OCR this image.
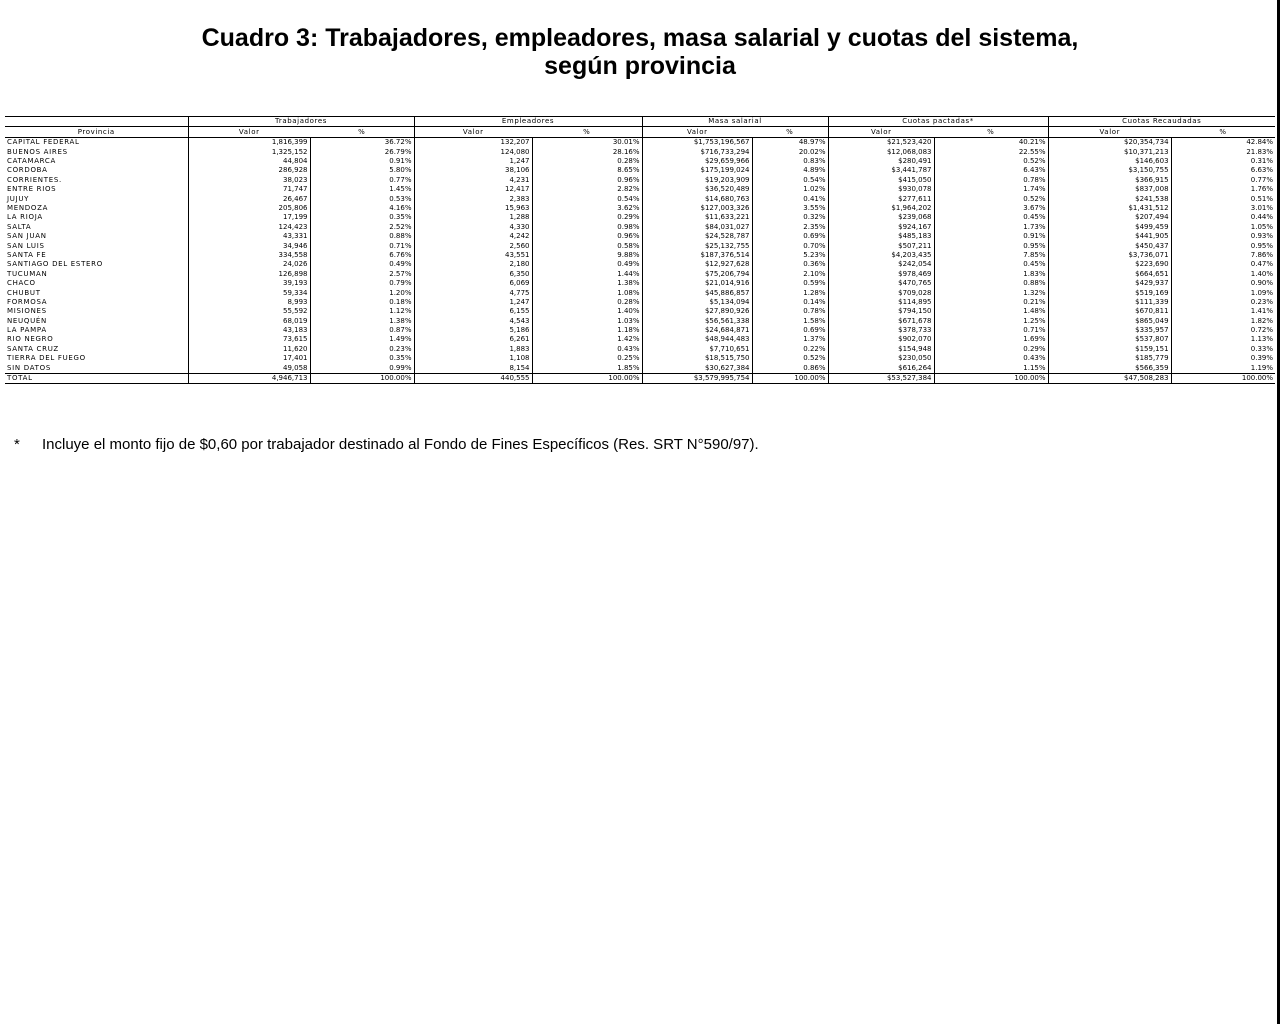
Cuadro 3: Trabajadores, empleadores, masa salarial y cuotas del sistema,
según provincia
	Trabajadores		Empleadores		Masa salarial		Cuotas pactadas*		Cuotas Recaudadas	
Provincia	Valor	%	Valor	%	Valor	%	Valor	%	Valor	%
CAPITAL FEDERAL	1,816,399	36.72%	132,207	30.01%	$1,753,196,567	48.97%	$21,523,420	40.21%	$20,354,734	42.84%
BUENOS AIRES	1,325,152	26.79%	124,080	28.16%	$716,733,294	20.02%	$12,068,083	22.55%	$10,371,213	21.83%
CATAMARCA	44,804	0.91%	1,247	0.28%	$29,659,966	0.83%	$280,491	0.52%	$146,603	0.31%
CÓRDOBA	286,928	5.80%	38,106	8.65%	$175,199,024	4.89%	$3,441,787	6.43%	$3,150,755	6.63%
CORRIENTES.	38,023	0.77%	4,231	0.96%	$19,203,909	0.54%	$415,050	0.78%	$366,915	0.77%
ENTRE RIOS	71,747	1.45%	12,417	2.82%	$36,520,489	1.02%	$930,078	1.74%	$837,008	1.76%
JUJUY	26,467	0.53%	2,383	0.54%	$14,680,763	0.41%	$277,611	0.52%	$241,538	0.51%
MENDOZA	205,806	4.16%	15,963	3.62%	$127,003,326	3.55%	$1,964,202	3.67%	$1,431,512	3.01%
LA RIOJA	17,199	0.35%	1,288	0.29%	$11,633,221	0.32%	$239,068	0.45%	$207,494	0.44%
SALTA	124,423	2.52%	4,330	0.98%	$84,031,027	2.35%	$924,167	1.73%	$499,459	1.05%
SAN JUAN	43,331	0.88%	4,242	0.96%	$24,528,787	0.69%	$485,183	0.91%	$441,905	0.93%
SAN LUIS	34,946	0.71%	2,560	0.58%	$25,132,755	0.70%	$507,211	0.95%	$450,437	0.95%
SANTA FE	334,558	6.76%	43,551	9.88%	$187,376,514	5.23%	$4,203,435	7.85%	$3,736,071	7.86%
SANTIAGO DEL ESTERO	24,026	0.49%	2,180	0.49%	$12,927,628	0.36%	$242,054	0.45%	$223,690	0.47%
TUCUMAN	126,898	2.57%	6,350	1.44%	$75,206,794	2.10%	$978,469	1.83%	$664,651	1.40%
CHACO	39,193	0.79%	6,069	1.38%	$21,014,916	0.59%	$470,765	0.88%	$429,937	0.90%
CHUBUT	59,334	1.20%	4,775	1.08%	$45,886,857	1.28%	$709,028	1.32%	$519,169	1.09%
FORMOSA	8,993	0.18%	1,247	0.28%	$5,134,094	0.14%	$114,895	0.21%	$111,339	0.23%
MISIONES	55,592	1.12%	6,155	1.40%	$27,890,926	0.78%	$794,150	1.48%	$670,811	1.41%
NEUQUÉN	68,019	1.38%	4,543	1.03%	$56,561,338	1.58%	$671,678	1.25%	$865,049	1.82%
LA PAMPA	43,183	0.87%	5,186	1.18%	$24,684,871	0.69%	$378,733	0.71%	$335,957	0.72%
RIO NEGRO	73,615	1.49%	6,261	1.42%	$48,944,483	1.37%	$902,070	1.69%	$537,807	1.13%
SANTA CRUZ	11,620	0.23%	1,883	0.43%	$7,710,651	0.22%	$154,948	0.29%	$159,151	0.33%
TIERRA DEL FUEGO	17,401	0.35%	1,108	0.25%	$18,515,750	0.52%	$230,050	0.43%	$185,779	0.39%
SIN DATOS	49,058	0.99%	8,154	1.85%	$30,627,384	0.86%	$616,264	1.15%	$566,359	1.19%
TOTAL	4,946,713	100.00%	440,555	100.00%	$3,579,995,754	100.00%	$53,527,384	100.00%	$47,508,283	100.00%
* Incluye el monto fijo de $0,60 por trabajador destinado al Fondo de Fines Específicos (Res. SRT N°590/97).
